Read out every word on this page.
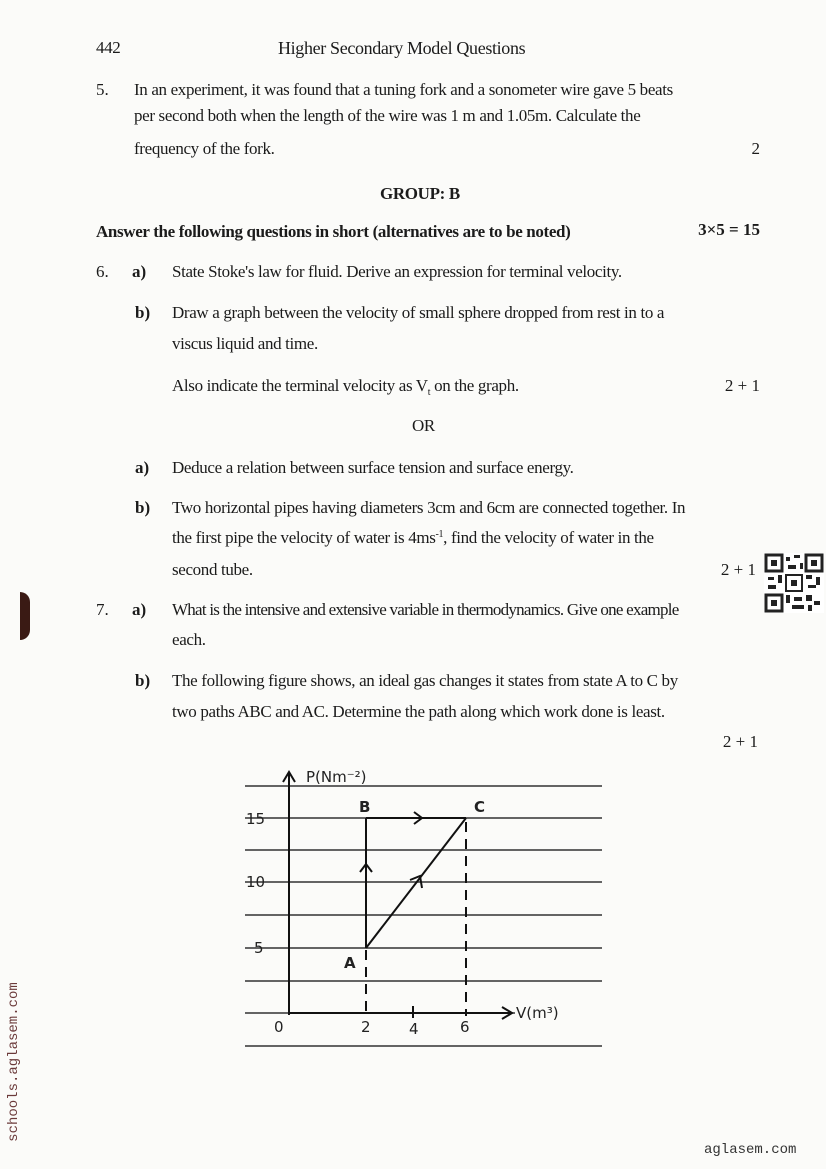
442	Higher Secondary Model Questions
5. In an experiment, it was found that a tuning fork and a sonometer wire gave 5 beats
per second both when the length of the wire was 1 m and 1.05m. Calculate the
frequency of the fork.	2
GROUP: B
Answer the following questions in short (alternatives are to be noted)	3×5 = 15
6. a) State Stoke's law for fluid. Derive an expression for terminal velocity.
b) Draw a graph between the velocity of small sphere dropped from rest in to a
viscus liquid and time.
Also indicate the terminal velocity as $V_t$ on the graph.	2 + 1
OR
a) Deduce a relation between surface tension and surface energy.
b) Two horizontal pipes having diameters 3cm and 6cm are connected together. In
the first pipe the velocity of water is $4ms^{-1}$, find the velocity of water in the
second tube.	2 + 1
7. a) What is the intensive and extensive variable in thermodynamics. Give one example
each.
b) The following figure shows, an ideal gas changes it states from state A to C by
two paths ABC and AC. Determine the path along which work done is least.
2 + 1
P(Nm⁻²)
V(m³)
15
10
5
0	2	4	6
B	C
A
schools.aglasem.com
aglasem.com
